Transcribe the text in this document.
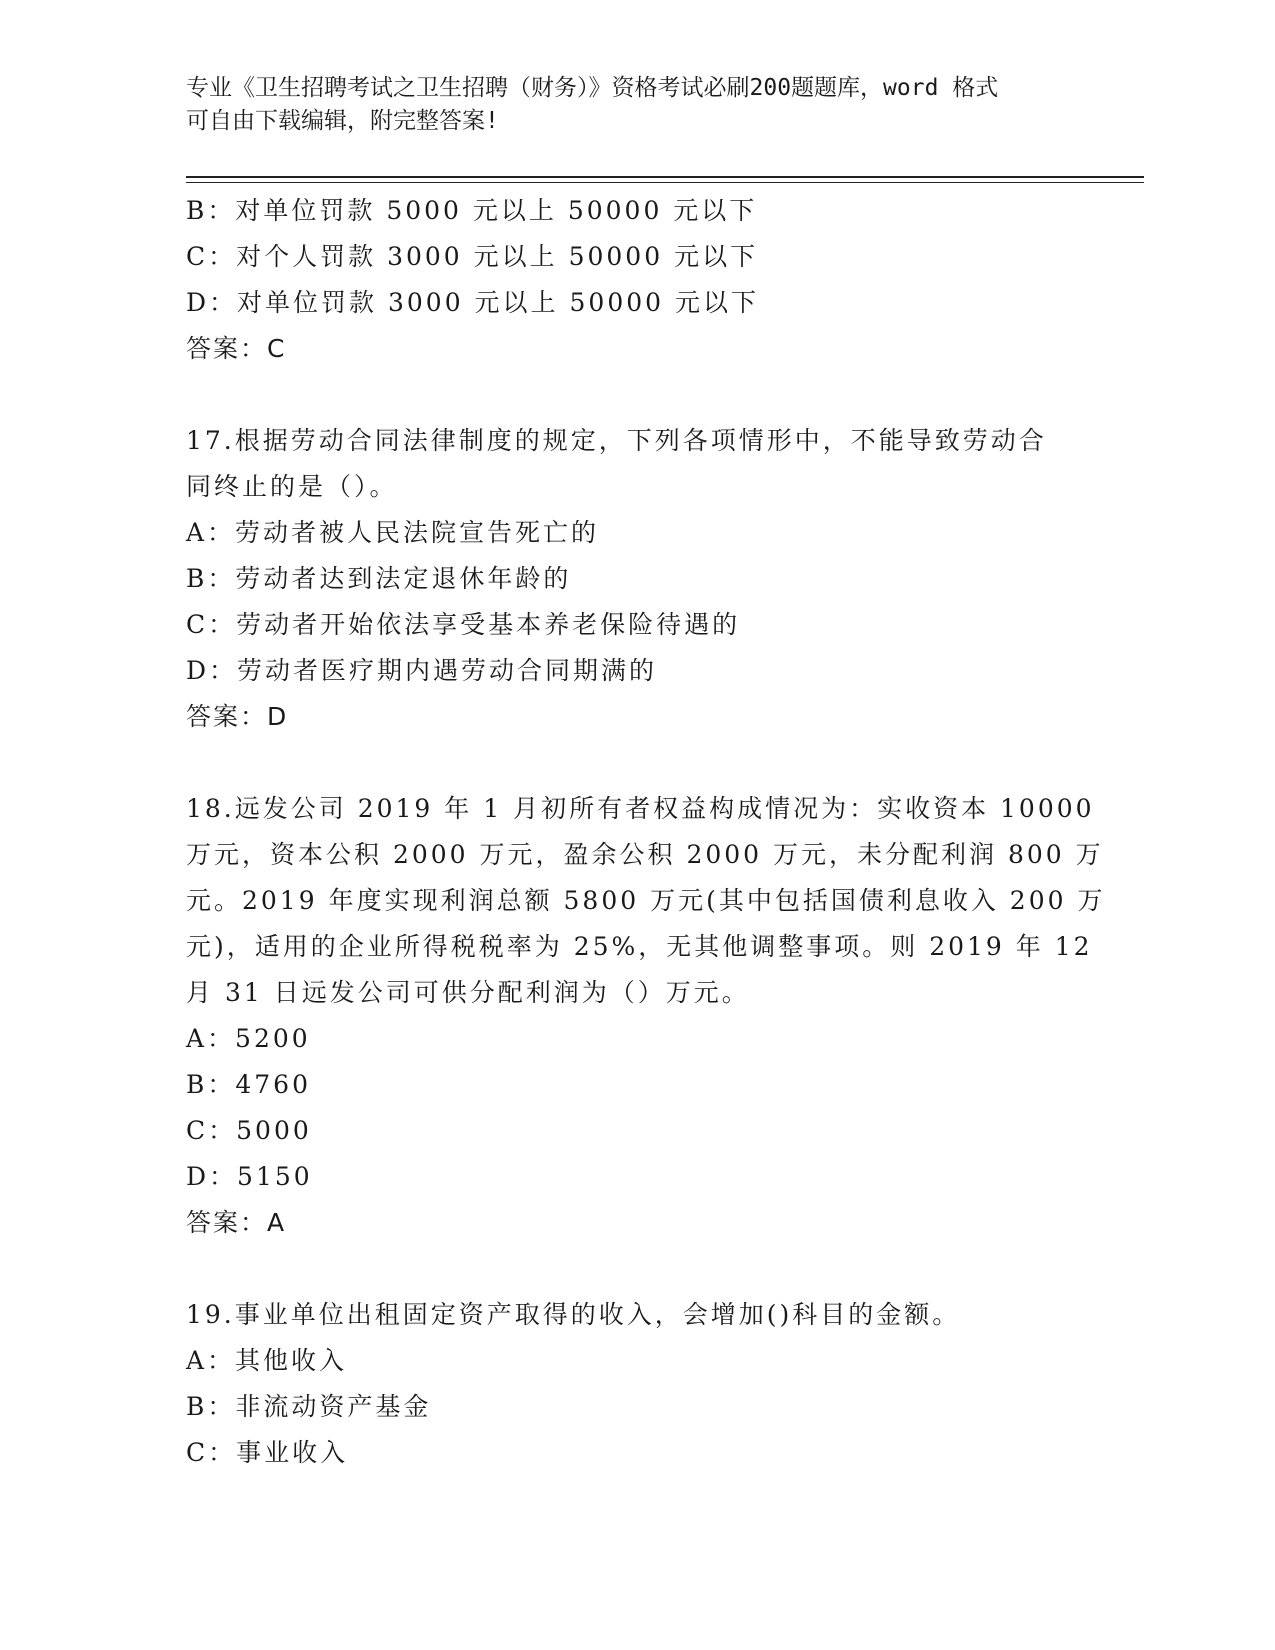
专业《卫生招聘考试之卫生招聘（财务）》资格考试必刷200题题库，word 格式
可自由下载编辑，附完整答案!
B：对单位罚款 5000 元以上 50000 元以下
C：对个人罚款 3000 元以上 50000 元以下
D：对单位罚款 3000 元以上 50000 元以下
答案：C
17.根据劳动合同法律制度的规定，下列各项情形中，不能导致劳动合
同终止的是（）。
A：劳动者被人民法院宣告死亡的
B：劳动者达到法定退休年龄的
C：劳动者开始依法享受基本养老保险待遇的
D：劳动者医疗期内遇劳动合同期满的
答案：D
18.远发公司 2019 年 1 月初所有者权益构成情况为：实收资本 10000
万元，资本公积 2000 万元，盈余公积 2000 万元，未分配利润 800 万
元。2019 年度实现利润总额 5800 万元(其中包括国债利息收入 200 万
元)，适用的企业所得税税率为 25%，无其他调整事项。则 2019 年 12
月 31 日远发公司可供分配利润为（）万元。
A：5200
B：4760
C：5000
D：5150
答案：A
19.事业单位出租固定资产取得的收入，会增加()科目的金额。
A：其他收入
B：非流动资产基金
C：事业收入
